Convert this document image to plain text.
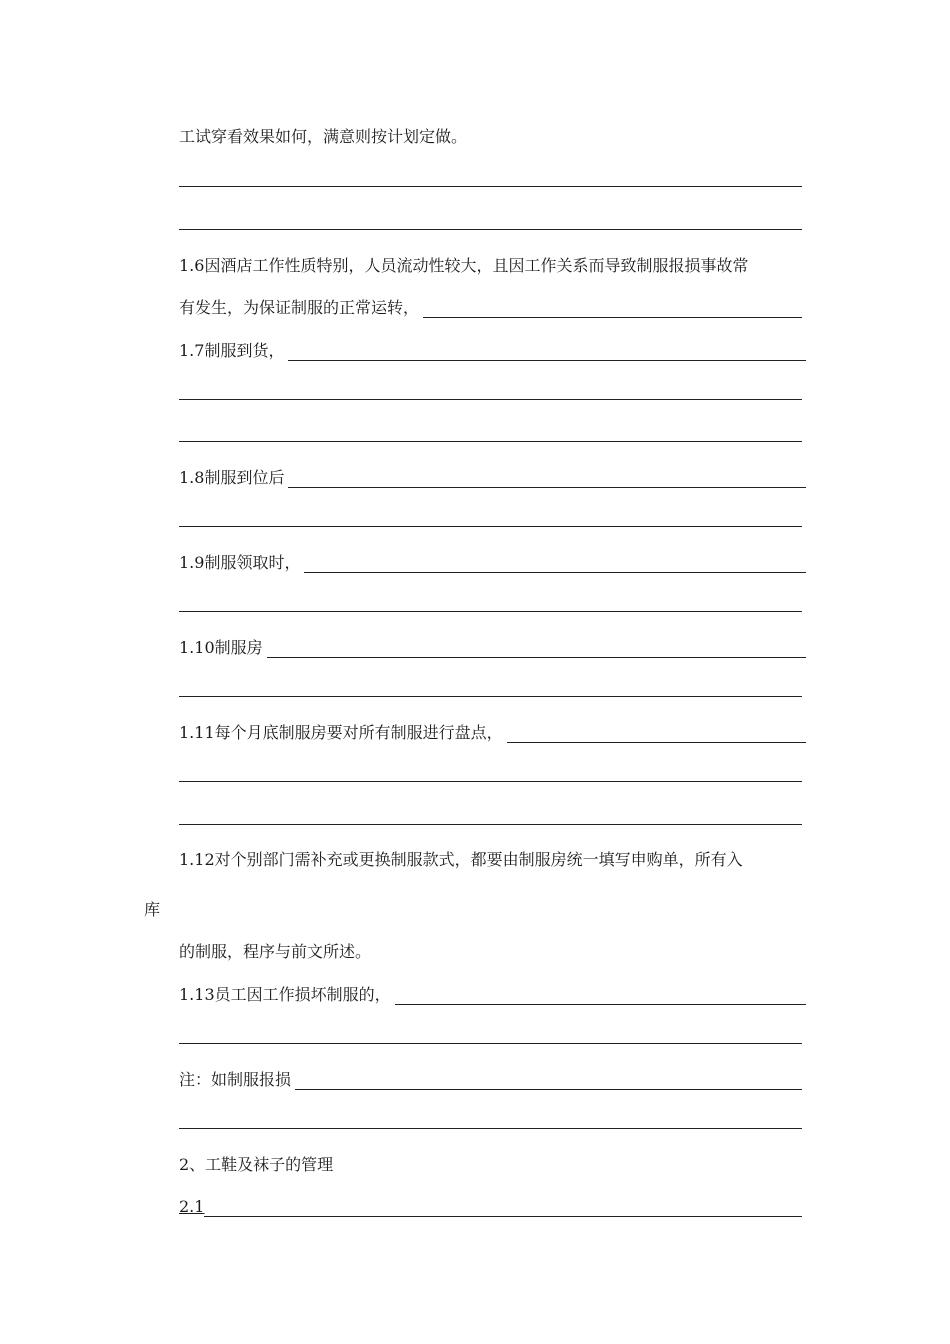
工试穿看效果如何，满意则按计划定做。
1.6因酒店工作性质特别，人员流动性较大，且因工作关系而导致制服报损事故常
有发生，为保证制服的正常运转，
1.7制服到货，
1.8制服到位后
1.9制服领取时，
1.10制服房
1.11每个月底制服房要对所有制服进行盘点，
1.12对个别部门需补充或更换制服款式，都要由制服房统一填写申购单，所有入
库
的制服，程序与前文所述。
1.13员工因工作损坏制服的，
注：如制服报损
2、工鞋及袜子的管理
2.1
